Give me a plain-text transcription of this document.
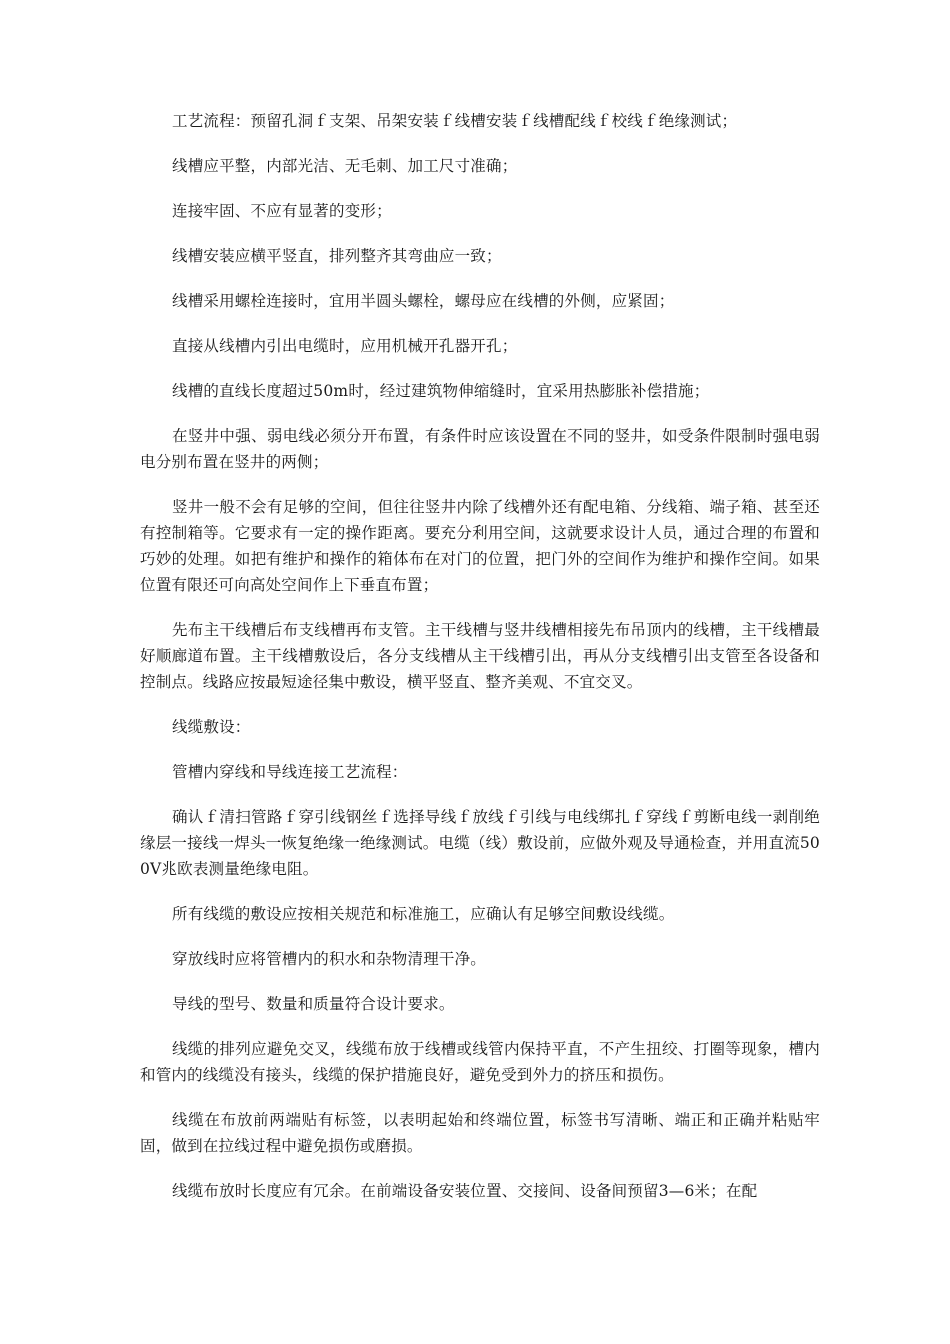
工艺流程：预留孔洞ｆ支架、吊架安装ｆ线槽安装ｆ线槽配线ｆ校线ｆ绝缘测试；

线槽应平整，内部光洁、无毛刺、加工尺寸准确；

连接牢固、不应有显著的变形；

线槽安装应横平竖直，排列整齐其弯曲应一致；

线槽采用螺栓连接时，宜用半圆头螺栓，螺母应在线槽的外侧，应紧固；

直接从线槽内引出电缆时，应用机械开孔器开孔；

线槽的直线长度超过50m时，经过建筑物伸缩缝时，宜采用热膨胀补偿措施；

在竖井中强、弱电线必须分开布置，有条件时应该设置在不同的竖井，如受条件限制时强电弱电分别布置在竖井的两侧；

竖井一般不会有足够的空间，但往往竖井内除了线槽外还有配电箱、分线箱、端子箱、甚至还有控制箱等。它要求有一定的操作距离。要充分利用空间，这就要求设计人员，通过合理的布置和巧妙的处理。如把有维护和操作的箱体布在对门的位置，把门外的空间作为维护和操作空间。如果位置有限还可向高处空间作上下垂直布置；

先布主干线槽后布支线槽再布支管。主干线槽与竖井线槽相接先布吊顶内的线槽，主干线槽最好顺廊道布置。主干线槽敷设后，各分支线槽从主干线槽引出，再从分支线槽引出支管至各设备和控制点。线路应按最短途径集中敷设，横平竖直、整齐美观、不宜交叉。

线缆敷设：

管槽内穿线和导线连接工艺流程：

确认ｆ清扫管路ｆ穿引线钢丝ｆ选择导线ｆ放线ｆ引线与电线绑扎ｆ穿线ｆ剪断电线一剥削绝缘层一接线一焊头一恢复绝缘一绝缘测试。电缆（线）敷设前，应做外观及导通检查，并用直流500V兆欧表测量绝缘电阻。

所有线缆的敷设应按相关规范和标准施工，应确认有足够空间敷设线缆。

穿放线时应将管槽内的积水和杂物清理干净。

导线的型号、数量和质量符合设计要求。

线缆的排列应避免交叉，线缆布放于线槽或线管内保持平直，不产生扭绞、打圈等现象，槽内和管内的线缆没有接头，线缆的保护措施良好，避免受到外力的挤压和损伤。

线缆在布放前两端贴有标签，以表明起始和终端位置，标签书写清晰、端正和正确并粘贴牢固，做到在拉线过程中避免损伤或磨损。

线缆布放时长度应有冗余。在前端设备安装位置、交接间、设备间预留3—6米；在配
